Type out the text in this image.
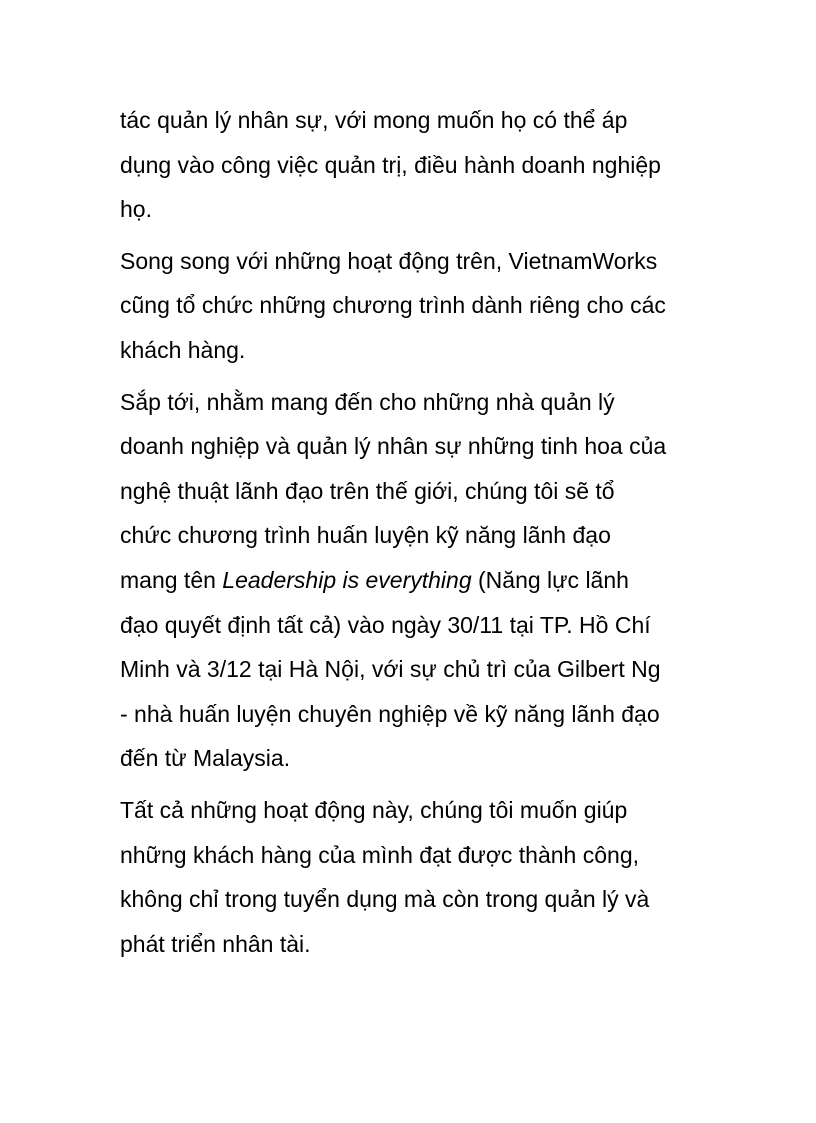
tác quản lý nhân sự, với mong muốn họ có thể áp
dụng vào công việc quản trị, điều hành doanh nghiệp
họ.

Song song với những hoạt động trên, VietnamWorks
cũng tổ chức những chương trình dành riêng cho các
khách hàng.

Sắp tới, nhằm mang đến cho những nhà quản lý
doanh nghiệp và quản lý nhân sự những tinh hoa của
nghệ thuật lãnh đạo trên thế giới, chúng tôi sẽ tổ
chức chương trình huấn luyện kỹ năng lãnh đạo
mang tên Leadership is everything (Năng lực lãnh
đạo quyết định tất cả) vào ngày 30/11 tại TP. Hồ Chí
Minh và 3/12 tại Hà Nội, với sự chủ trì của Gilbert Ng
- nhà huấn luyện chuyên nghiệp về kỹ năng lãnh đạo
đến từ Malaysia.

Tất cả những hoạt động này, chúng tôi muốn giúp
những khách hàng của mình đạt được thành công,
không chỉ trong tuyển dụng mà còn trong quản lý và
phát triển nhân tài.
